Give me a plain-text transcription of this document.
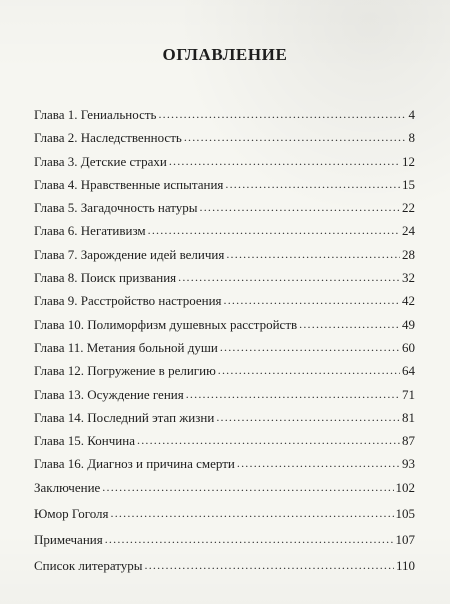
ОГЛАВЛЕНИЕ
Глава 1. Гениальность .....	4
Глава 2. Наследственность .....	8
Глава 3. Детские страхи .....	12
Глава 4. Нравственные испытания .....	15
Глава 5. Загадочность натуры .....	22
Глава 6. Негативизм .....	24
Глава 7. Зарождение идей величия .....	28
Глава 8. Поиск призвания .....	32
Глава 9. Расстройство настроения .....	42
Глава 10. Полиморфизм душевных расстройств .....	49
Глава 11. Метания больной души .....	60
Глава 12. Погружение в религию .....	64
Глава 13. Осуждение гения .....	71
Глава 14. Последний этап жизни .....	81
Глава 15. Кончина .....	87
Глава 16. Диагноз и причина смерти .....	93
Заключение .....	102
Юмор Гоголя .....	105
Примечания .....	107
Список литературы .....	110
